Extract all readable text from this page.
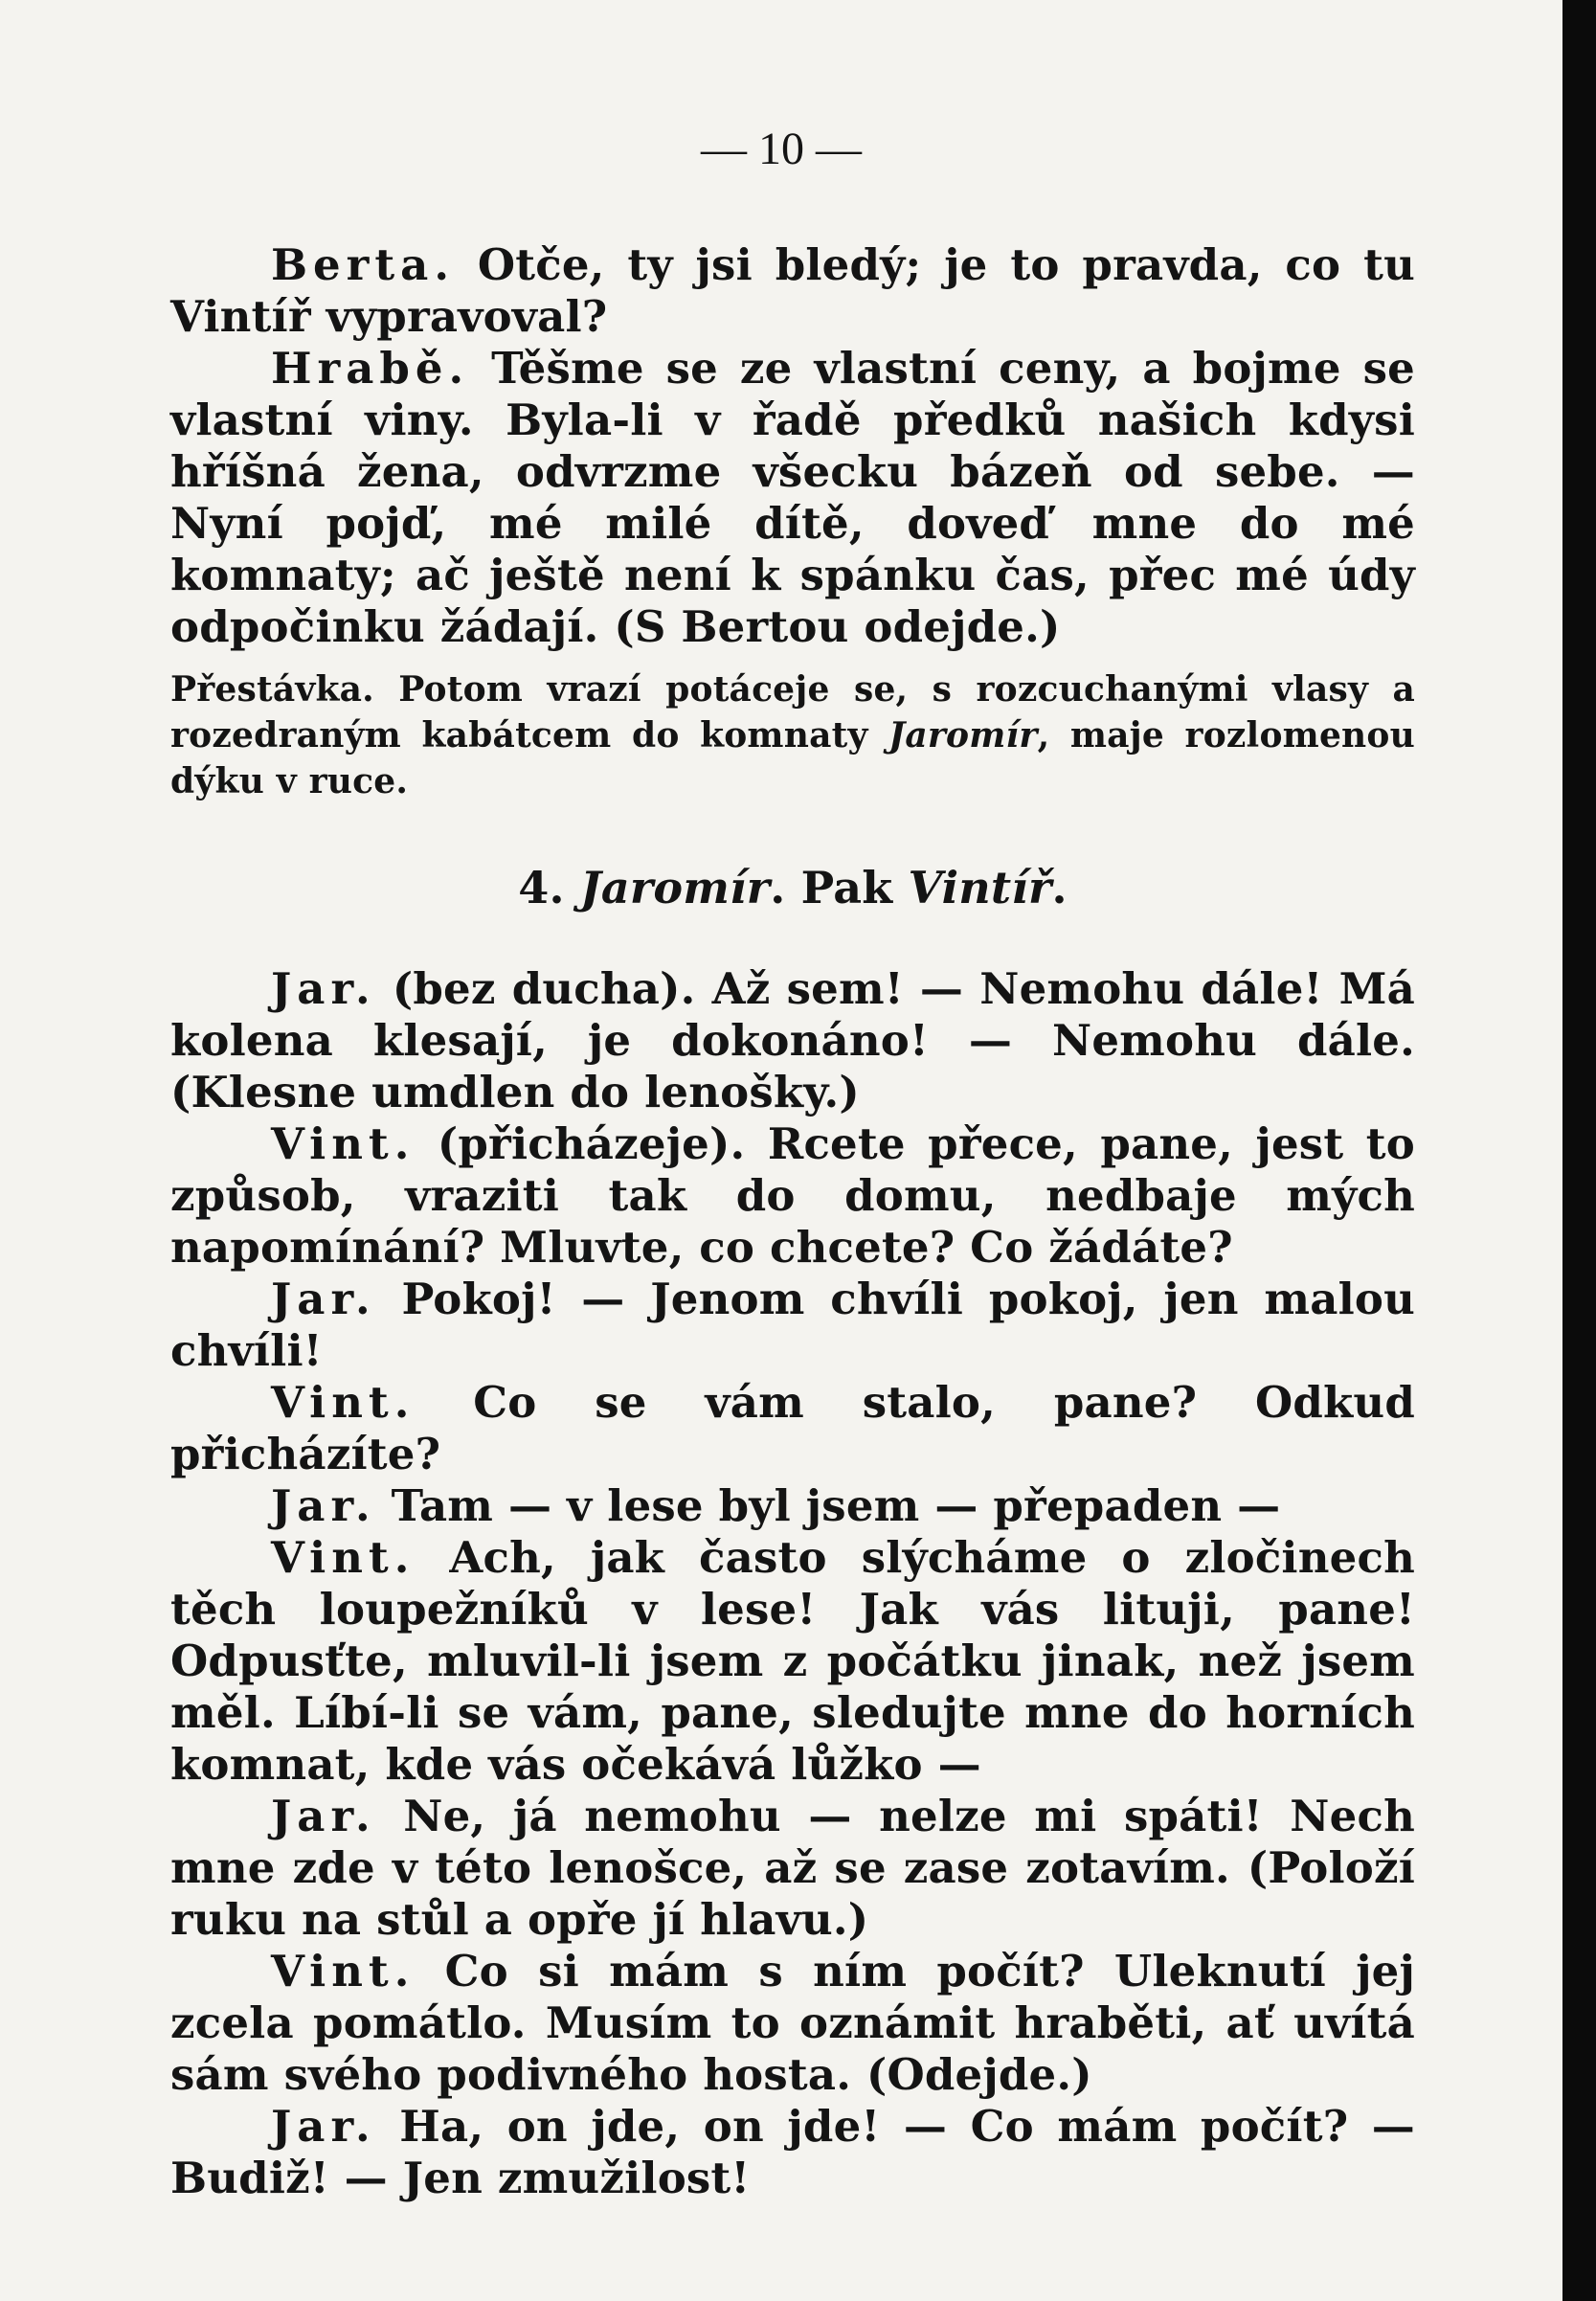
— 10 —

Berta. Otče, ty jsi bledý; je to pravda, co tu Vintíř vypravoval?

Hrabě. Těšme se ze vlastní ceny, a bojme se vlastní viny. Byla-li v řadě předků našich kdysi hříšná žena, odvrzme všecku bázeň od sebe. — Nyní pojď, mé milé dítě, doveď mne do mé komnaty; ač ještě není k spánku čas, přec mé údy odpočinku žádají. (S Bertou odejde.)

Přestávka. Potom vrazí potáceje se, s rozcuchanými vlasy a rozedraným kabátcem do komnaty Jaromír, maje rozlomenou dýku v ruce.

4. Jaromír. Pak Vintíř.

Jar. (bez ducha). Až sem! — Nemohu dále! Má kolena klesají, je dokonáno! — Nemohu dále. (Klesne umdlen do lenošky.)

Vint. (přicházeje). Rcete přece, pane, jest to způsob, vraziti tak do domu, nedbaje mých napomínání? Mluvte, co chcete? Co žádáte?

Jar. Pokoj! — Jenom chvíli pokoj, jen malou chvíli!

Vint. Co se vám stalo, pane? Odkud přicházíte?

Jar. Tam — v lese byl jsem — přepaden —

Vint. Ach, jak často slýcháme o zločinech těch loupežníků v lese! Jak vás lituji, pane! Odpusťte, mluvil-li jsem z počátku jinak, než jsem měl. Líbí-li se vám, pane, sledujte mne do horních komnat, kde vás očekává lůžko —

Jar. Ne, já nemohu — nelze mi spáti! Nech mne zde v této lenošce, až se zase zotavím. (Položí ruku na stůl a opře jí hlavu.)

Vint. Co si mám s ním počít? Uleknutí jej zcela pomátlo. Musím to oznámit hraběti, ať uvítá sám svého podivného hosta. (Odejde.)

Jar. Ha, on jde, on jde! — Co mám počít? — Budiž! — Jen zmužilost!
